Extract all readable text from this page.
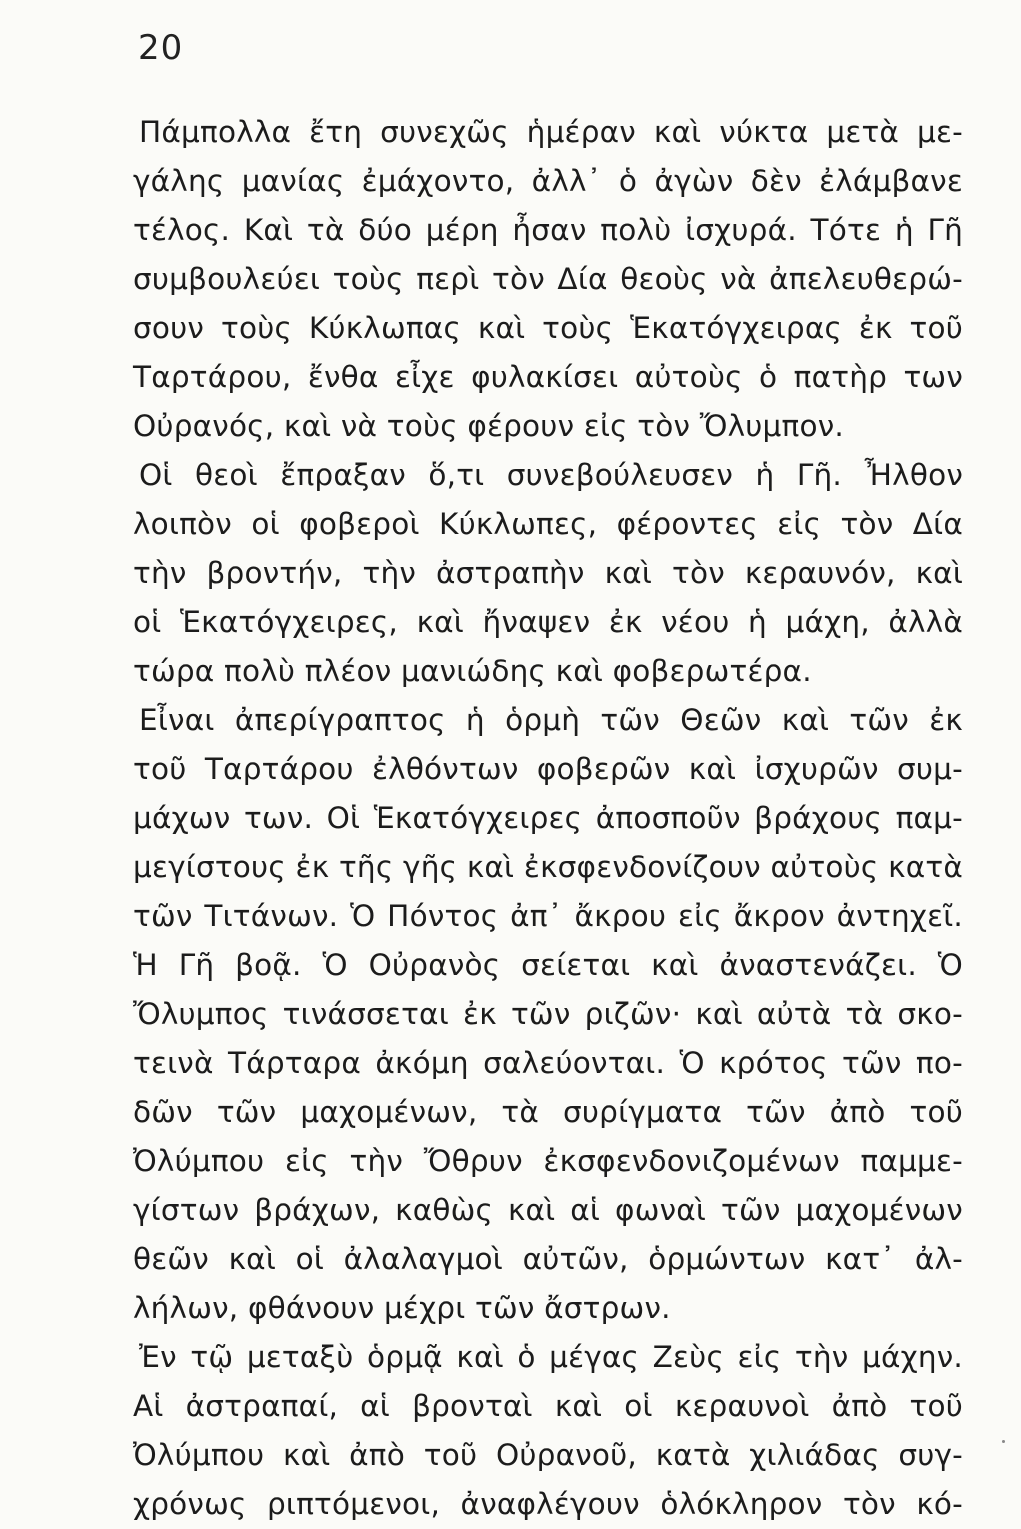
20
Πάμπολλα ἔτη συνεχῶς ἡμέραν καὶ νύκτα μετὰ με-
γάλης μανίας ἐμάχοντο, ἀλλ᾽ ὁ ἀγὼν δὲν ἐλάμβανε
τέλος. Καὶ τὰ δύο μέρη ἦσαν πολὺ ἰσχυρά. Τότε ἡ Γῆ
συμβουλεύει τοὺς περὶ τὸν Δία θεοὺς νὰ ἀπελευθερώ-
σουν τοὺς Κύκλωπας καὶ τοὺς Ἑκατόγχειρας ἐκ τοῦ
Ταρτάρου, ἔνθα εἶχε φυλακίσει αὐτοὺς ὁ πατὴρ των
Οὐρανός, καὶ νὰ τοὺς φέρουν εἰς τὸν Ὄλυμπον.
Οἱ θεοὶ ἔπραξαν ὅ,τι συνεβούλευσεν ἡ Γῆ. Ἦλθον
λοιπὸν οἱ φοβεροὶ Κύκλωπες, φέροντες εἰς τὸν Δία
τὴν βροντήν, τὴν ἀστραπὴν καὶ τὸν κεραυνόν, καὶ
οἱ Ἑκατόγχειρες, καὶ ἤναψεν ἐκ νέου ἡ μάχη, ἀλλὰ
τώρα πολὺ πλέον μανιώδης καὶ φοβερωτέρα.
Εἶναι ἀπερίγραπτος ἡ ὁρμὴ τῶν Θεῶν καὶ τῶν ἐκ
τοῦ Ταρτάρου ἐλθόντων φοβερῶν καὶ ἰσχυρῶν συμ-
μάχων των. Οἱ Ἑκατόγχειρες ἀποσποῦν βράχους παμ-
μεγίστους ἐκ τῆς γῆς καὶ ἐκσφενδονίζουν αὐτοὺς κατὰ
τῶν Τιτάνων. Ὁ Πόντος ἀπ᾽ ἄκρου εἰς ἄκρον ἀντηχεῖ.
Ἡ Γῆ βοᾷ. Ὁ Οὐρανὸς σείεται καὶ ἀναστενάζει. Ὁ
Ὄλυμπος τινάσσεται ἐκ τῶν ριζῶν· καὶ αὐτὰ τὰ σκο-
τεινὰ Τάρταρα ἀκόμη σαλεύονται. Ὁ κρότος τῶν πο-
δῶν τῶν μαχομένων, τὰ συρίγματα τῶν ἀπὸ τοῦ
Ὀλύμπου εἰς τὴν Ὄθρυν ἐκσφενδονιζομένων παμμε-
γίστων βράχων, καθὼς καὶ αἱ φωναὶ τῶν μαχομένων
θεῶν καὶ οἱ ἀλαλαγμοὶ αὐτῶν, ὁρμώντων κατ᾽ ἀλ-
λήλων, φθάνουν μέχρι τῶν ἄστρων.
Ἐν τῷ μεταξὺ ὁρμᾷ καὶ ὁ μέγας Ζεὺς εἰς τὴν μάχην.
Αἱ ἀστραπαί, αἱ βρονταὶ καὶ οἱ κεραυνοὶ ἀπὸ τοῦ
Ὀλύμπου καὶ ἀπὸ τοῦ Οὐρανοῦ, κατὰ χιλιάδας συγ-
χρόνως ριπτόμενοι, ἀναφλέγουν ὁλόκληρον τὸν κό-
